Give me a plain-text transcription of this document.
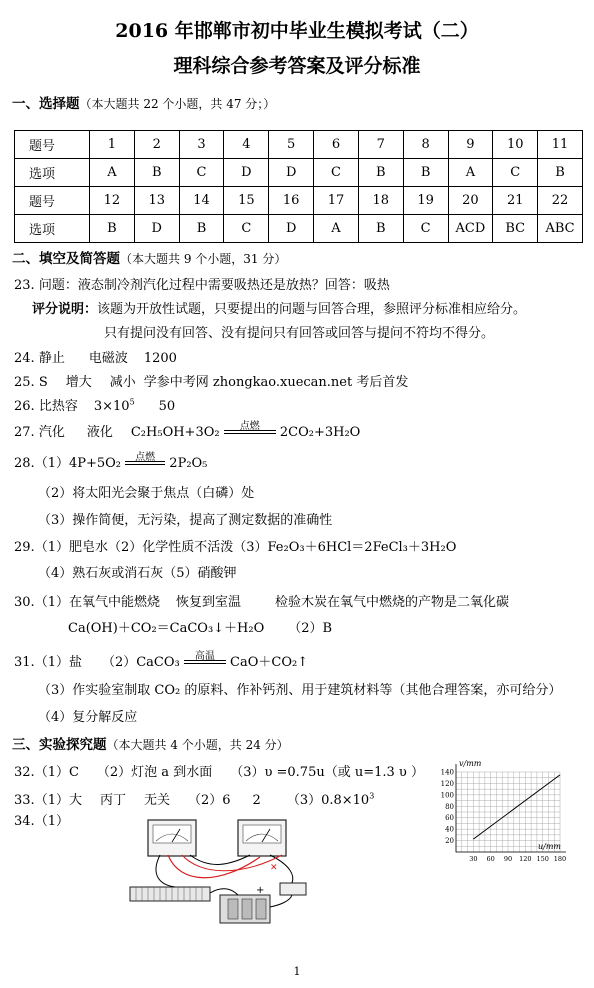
2016 年邯郸市初中毕业生模拟考试（二）
理科综合参考答案及评分标准
一、选择题（本大题共 22 个小题，共 47 分；）
题号	1	2	3	4	5	6	7	8	9	10	11
选项	A	B	C	D	D	C	B	B	A	C	B
题号	12	13	14	15	16	17	18	19	20	21	22
选项	B	D	B	C	D	A	B	C	ACD	BC	ABC
二、填空及简答题（本大题共 9 个小题，31 分）
23. 问题：液态制冷剂汽化过程中需要吸热还是放热？回答：吸热
评分说明：该题为开放性试题，只要提出的问题与回答合理，参照评分标准相应给分。
只有提问没有回答、没有提问只有回答或回答与提问不符均不得分。
24. 静止 电磁波 1200
25. S 增大 减小 学参中考网 zhongkao.xuecan.net 考后首发
26. 比热容 $3\times 10^5$ 50
27. 汽化 液化 C₂H₅OH+3O₂	点燃	2CO₂+3H₂O
28.（1）4P+5O₂	点燃	2P₂O₅
（2）将太阳光会聚于焦点（白磷）处
（3）操作简便，无污染，提高了测定数据的准确性
29.（1）肥皂水（2）化学性质不活泼（3）Fe₂O₃＋6HCl＝2FeCl₃＋3H₂O
（4）熟石灰或消石灰（5）硝酸钾
30.（1）在氧气中能燃烧 恢复到室温	检验木炭在氧气中燃烧的产物是二氧化碳
Ca(OH)＋CO₂＝CaCO₃↓＋H₂O （2）B
31.（1）盐 （2）CaCO₃	高温	CaO＋CO₂↑
（3）作实验室制取 CO₂ 的原料、作补钙剂、用于建筑材料等（其他合理答案，亦可给分）
（4）复分解反应
三、实验探究题（本大题共 4 个小题，共 24 分）
32.（1）C （2）灯泡 a 到水面 （3）υ =0.75u（或 u=1.3 υ ）
33.（1）大 丙丁 无关 （2）6 2 $(3)0.8\times 10^3$
34.（1）
140
120
100
80
60
40
20
30 60 90 120 150 180
v/mm
u/mm
✕
+
1
